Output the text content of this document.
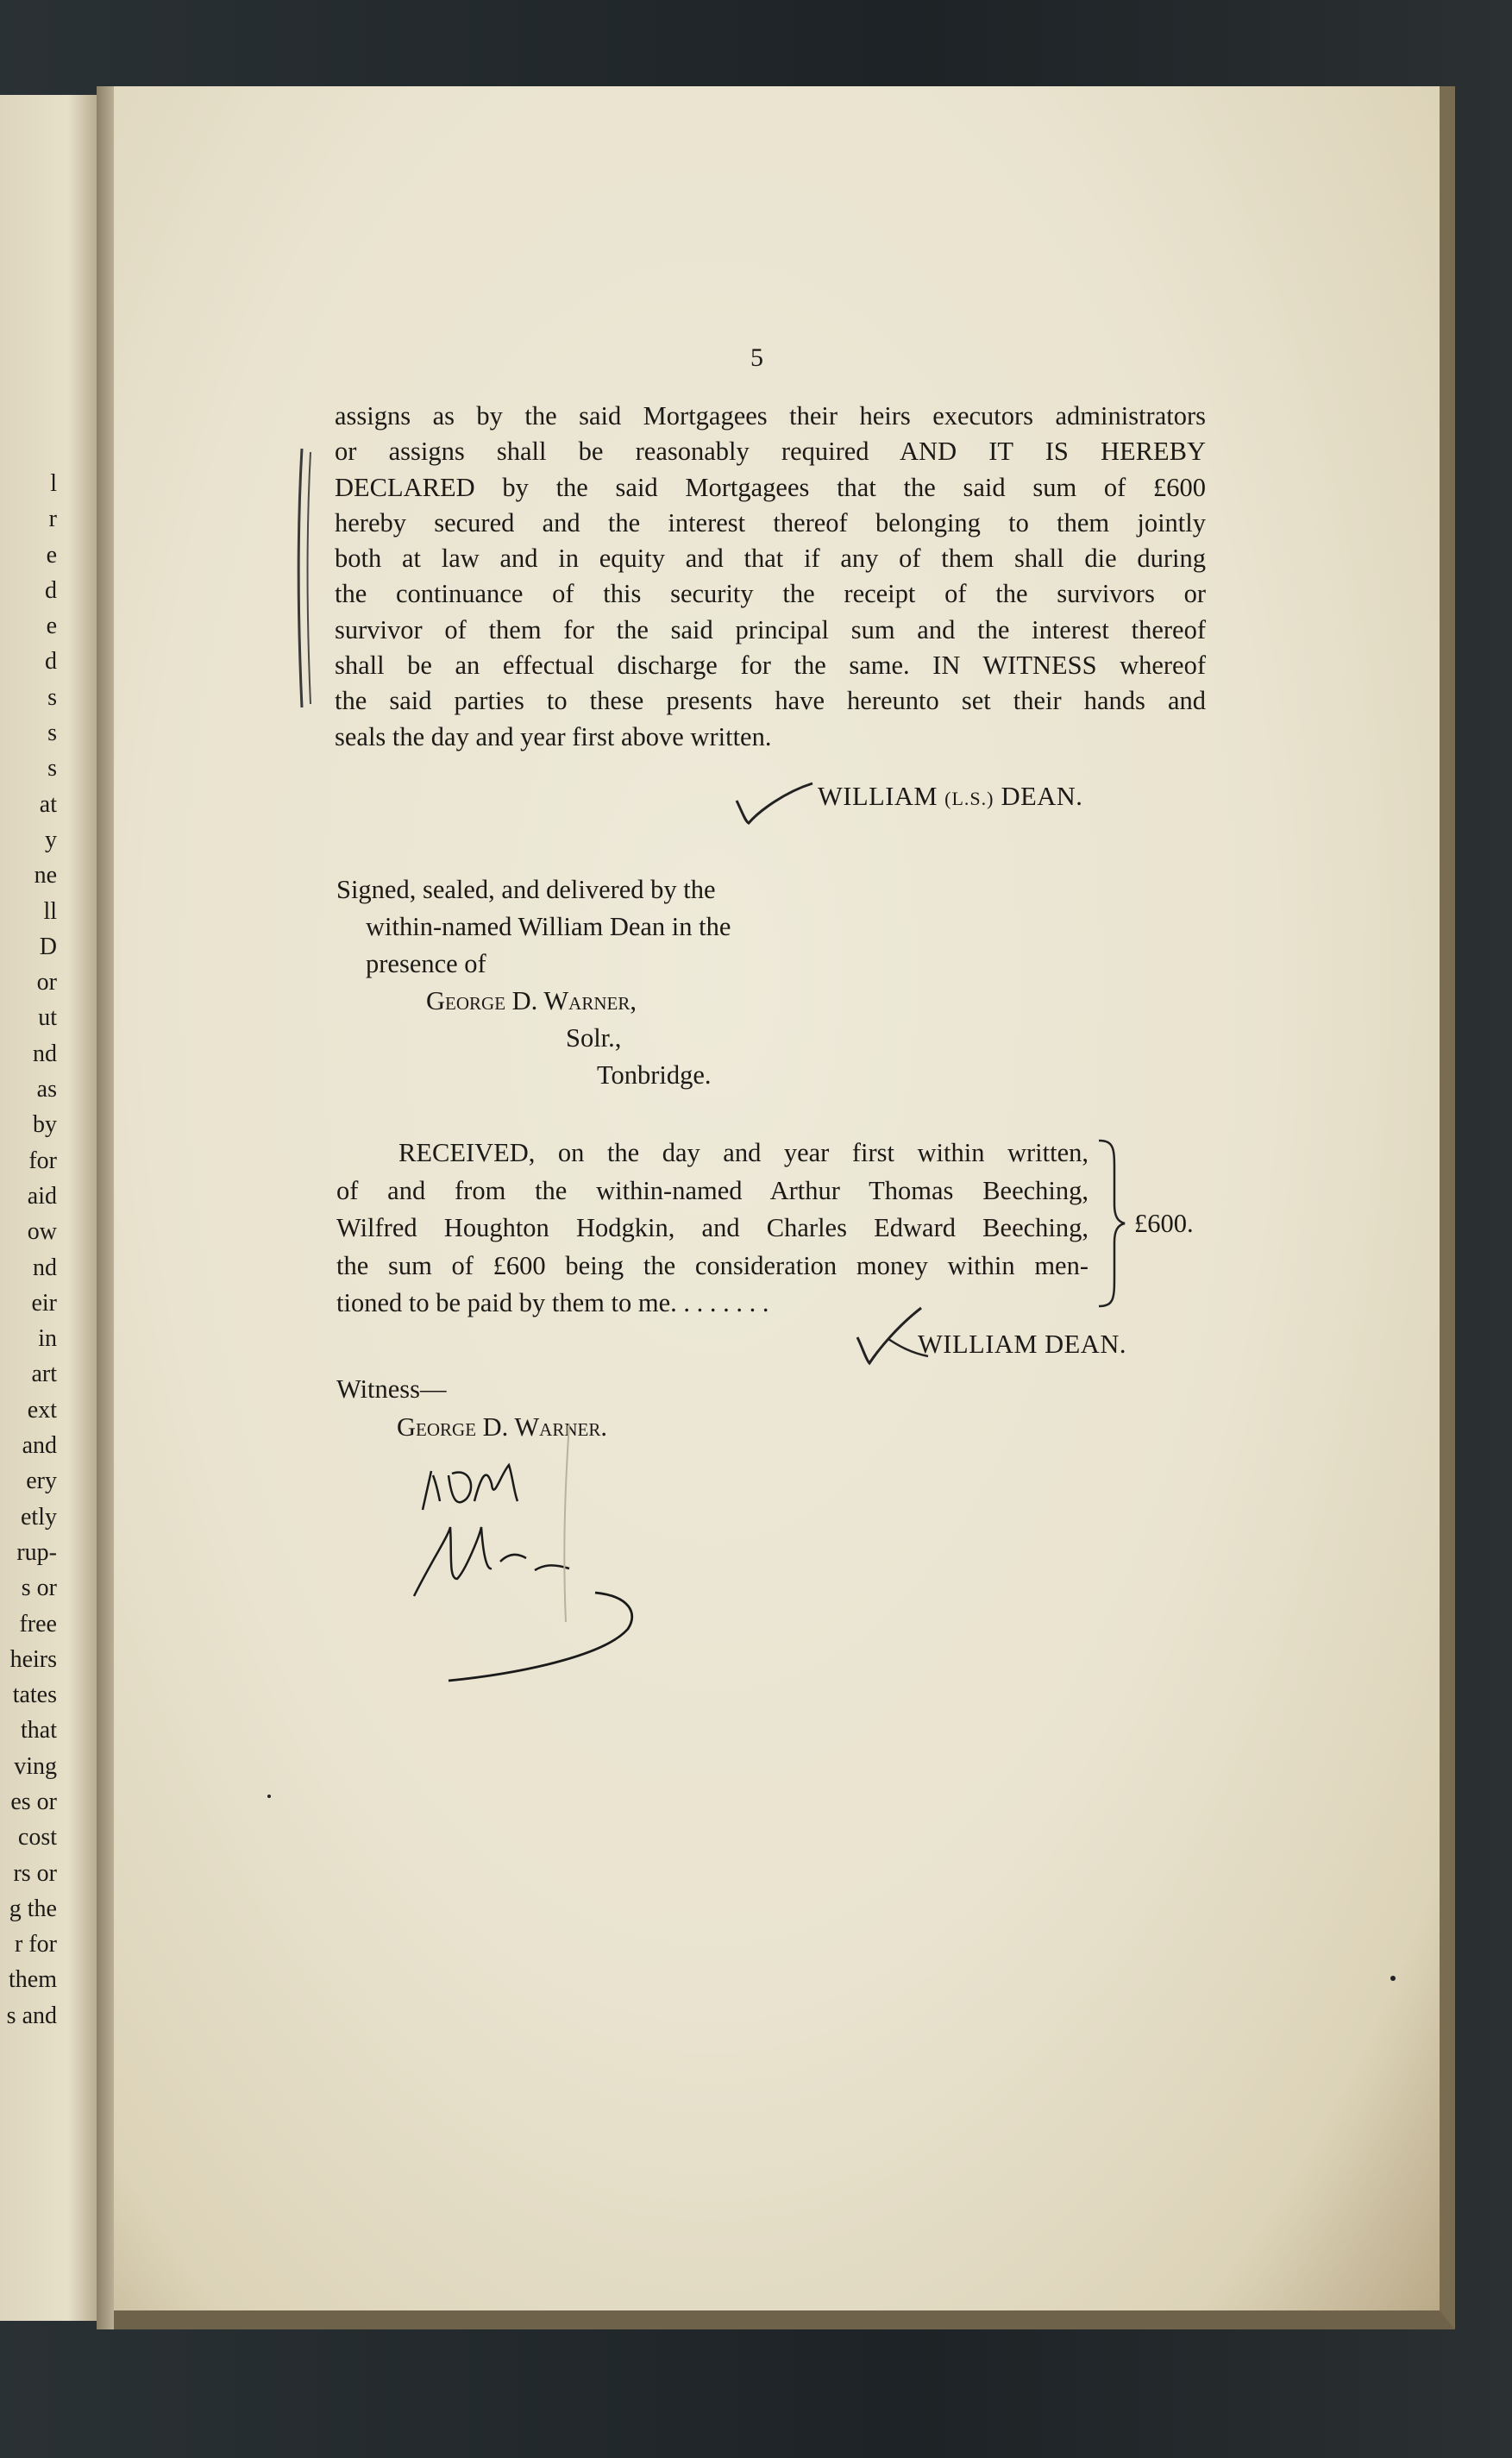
l
r
e
d
e
d
s
s
s
at
y
ne
ll
D
or
ut
nd
as
by
for
aid
ow
nd
eir
in
art
ext
and
ery
etly
rup-
s or
free
heirs
tates
that
ving
es or
cost
rs or
g the
r for
them
s and
5
assigns as by the said Mortgagees their heirs executors administrators
or assigns shall be reasonably required AND IT IS HEREBY
DECLARED by the said Mortgagees that the said sum of £600
hereby secured and the interest thereof belonging to them jointly
both at law and in equity and that if any of them shall die during
the continuance of this security the receipt of the survivors or
survivor of them for the said principal sum and the interest thereof
shall be an effectual discharge for the same. IN WITNESS whereof
the said parties to these presents have hereunto set their hands and
seals the day and year first above written.
WILLIAM (L.S.) DEAN.
Signed, sealed, and delivered by the
within-named William Dean in the
presence of
George D. Warner,
Solr.,
Tonbridge.
RECEIVED, on the day and year first within written,
of and from the within-named Arthur Thomas Beeching,
Wilfred Houghton Hodgkin, and Charles Edward Beeching,
the sum of £600 being the consideration money within men-
tioned to be paid by them to me. . . . . . . .
£600.
WILLIAM DEAN.
Witness—
George D. Warner.
